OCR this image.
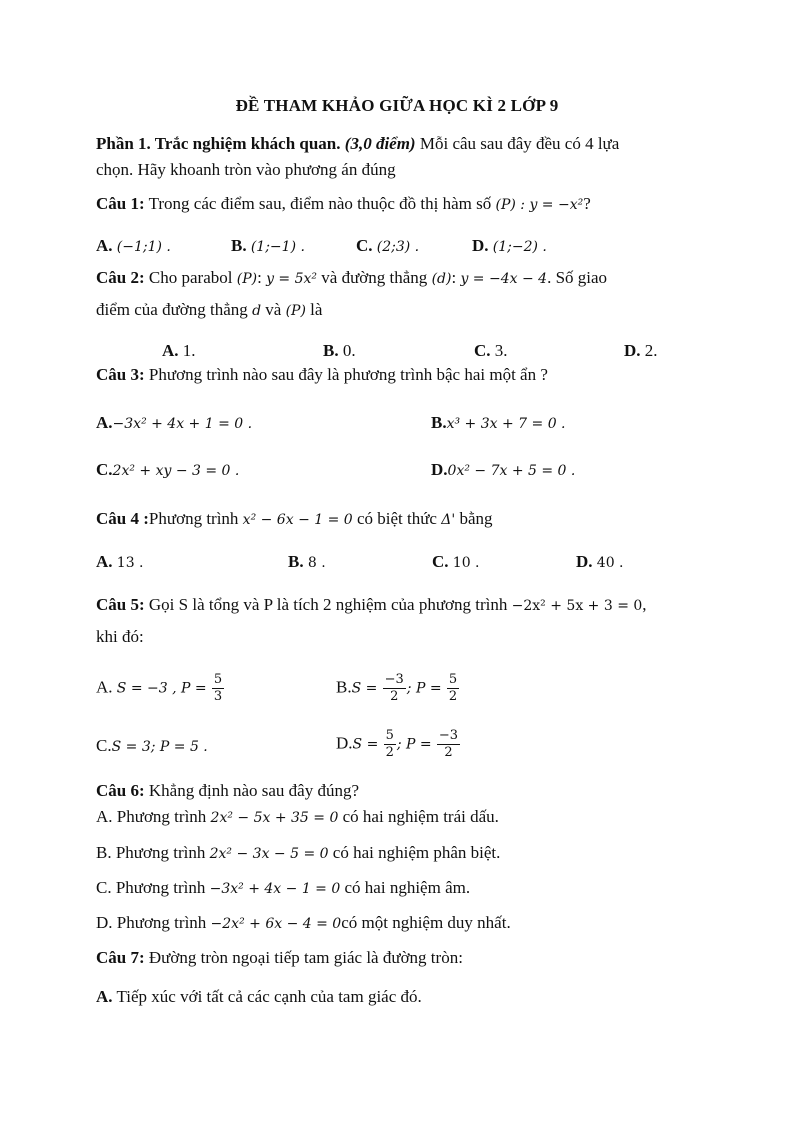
ĐỀ THAM KHẢO GIỮA HỌC KÌ 2 LỚP 9
Phần 1. Trắc nghiệm khách quan. (3,0 điểm) Mỗi câu sau đây đều có 4 lựa
chọn. Hãy khoanh tròn vào phương án đúng
Câu 1: Trong các điểm sau, điểm nào thuộc đồ thị hàm số (P) : y = −x²?
A. (−1;1) .	B. (1;−1) .	C. (2;3) .	D. (1;−2) .
Câu 2: Cho parabol (P): y = 5x² và đường thẳng (d): y = −4x − 4. Số giao
điểm của đường thẳng d và (P) là
A. 1.	B. 0.	C. 3.	D. 2.
Câu 3: Phương trình nào sau đây là phương trình bậc hai một ẩn ?
A.−3x² + 4x + 1 = 0 .	B.x³ + 3x + 7 = 0 .
C.2x² + xy − 3 = 0 .	D.0x² − 7x + 5 = 0 .
Câu 4 :Phương trình x² − 6x − 1 = 0 có biệt thức Δ' bằng
A. 13 .	B. 8 .	C. 10 .	D. 40 .
Câu 5: Gọi S là tổng và P là tích 2 nghiệm của phương trình −2x² + 5x + 3 = 0,
khi đó:
A. S = −3 , $P = \frac{5}{3}$	$B.S = \frac{-3}{2}$ ; $P = \frac{5}{2}$
C.S = 3; P = 5 .	$D.S = \frac{5}{2}$ ; $P = \frac{-3}{2}$
Câu 6: Khẳng định nào sau đây đúng?
A. Phương trình 2x² − 5x + 35 = 0 có hai nghiệm trái dấu.
B. Phương trình 2x² − 3x − 5 = 0 có hai nghiệm phân biệt.
C. Phương trình −3x² + 4x − 1 = 0 có hai nghiệm âm.
D. Phương trình −2x² + 6x − 4 = 0có một nghiệm duy nhất.
Câu 7: Đường tròn ngoại tiếp tam giác là đường tròn:
A. Tiếp xúc với tất cả các cạnh của tam giác đó.
